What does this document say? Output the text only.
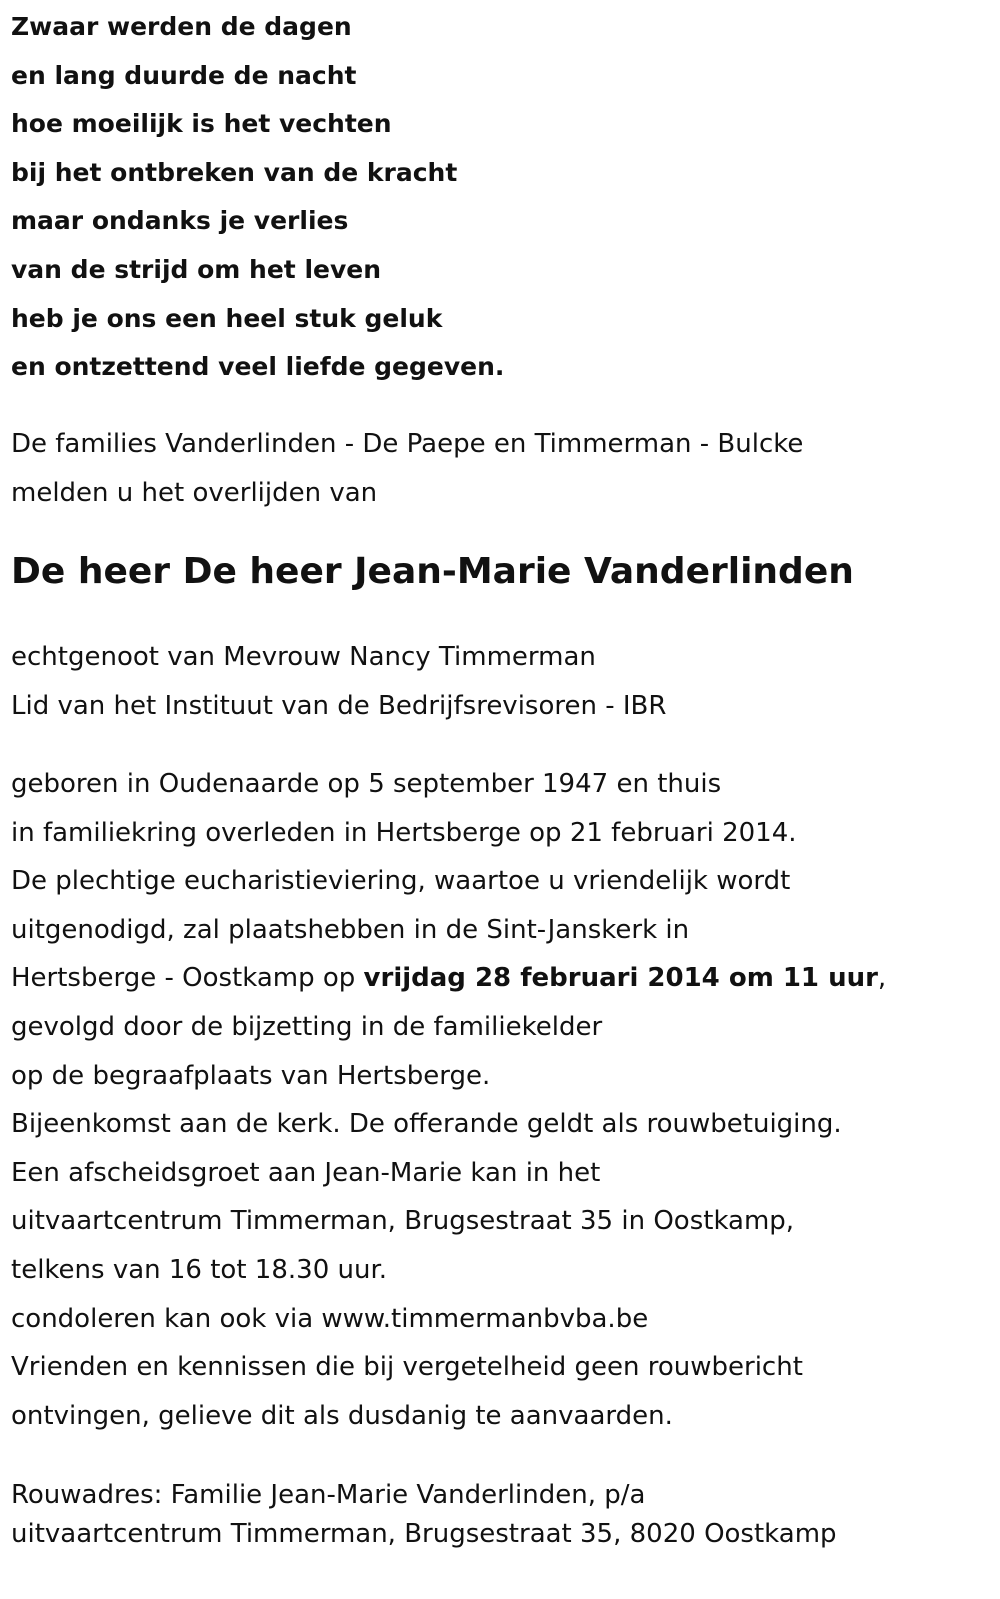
Zwaar werden de dagen
en lang duurde de nacht
hoe moeilijk is het vechten
bij het ontbreken van de kracht
maar ondanks je verlies
van de strijd om het leven
heb je ons een heel stuk geluk
en ontzettend veel liefde gegeven.
De families Vanderlinden - De Paepe en Timmerman - Bulcke
melden u het overlijden van
De heer De heer Jean-Marie Vanderlinden
echtgenoot van Mevrouw Nancy Timmerman
Lid van het Instituut van de Bedrijfsrevisoren - IBR
geboren in Oudenaarde op 5 september 1947 en thuis
in familiekring overleden in Hertsberge op 21 februari 2014.
De plechtige eucharistieviering, waartoe u vriendelijk wordt
uitgenodigd, zal plaatshebben in de Sint-Janskerk in
Hertsberge - Oostkamp op vrijdag 28 februari 2014 om 11 uur,
gevolgd door de bijzetting in de familiekelder
op de begraafplaats van Hertsberge.
Bijeenkomst aan de kerk. De offerande geldt als rouwbetuiging.
Een afscheidsgroet aan Jean-Marie kan in het
uitvaartcentrum Timmerman, Brugsestraat 35 in Oostkamp,
telkens van 16 tot 18.30 uur.
condoleren kan ook via www.timmermanbvba.be
Vrienden en kennissen die bij vergetelheid geen rouwbericht
ontvingen, gelieve dit als dusdanig te aanvaarden.
Rouwadres: Familie Jean-Marie Vanderlinden, p/a
uitvaartcentrum Timmerman, Brugsestraat 35, 8020 Oostkamp
